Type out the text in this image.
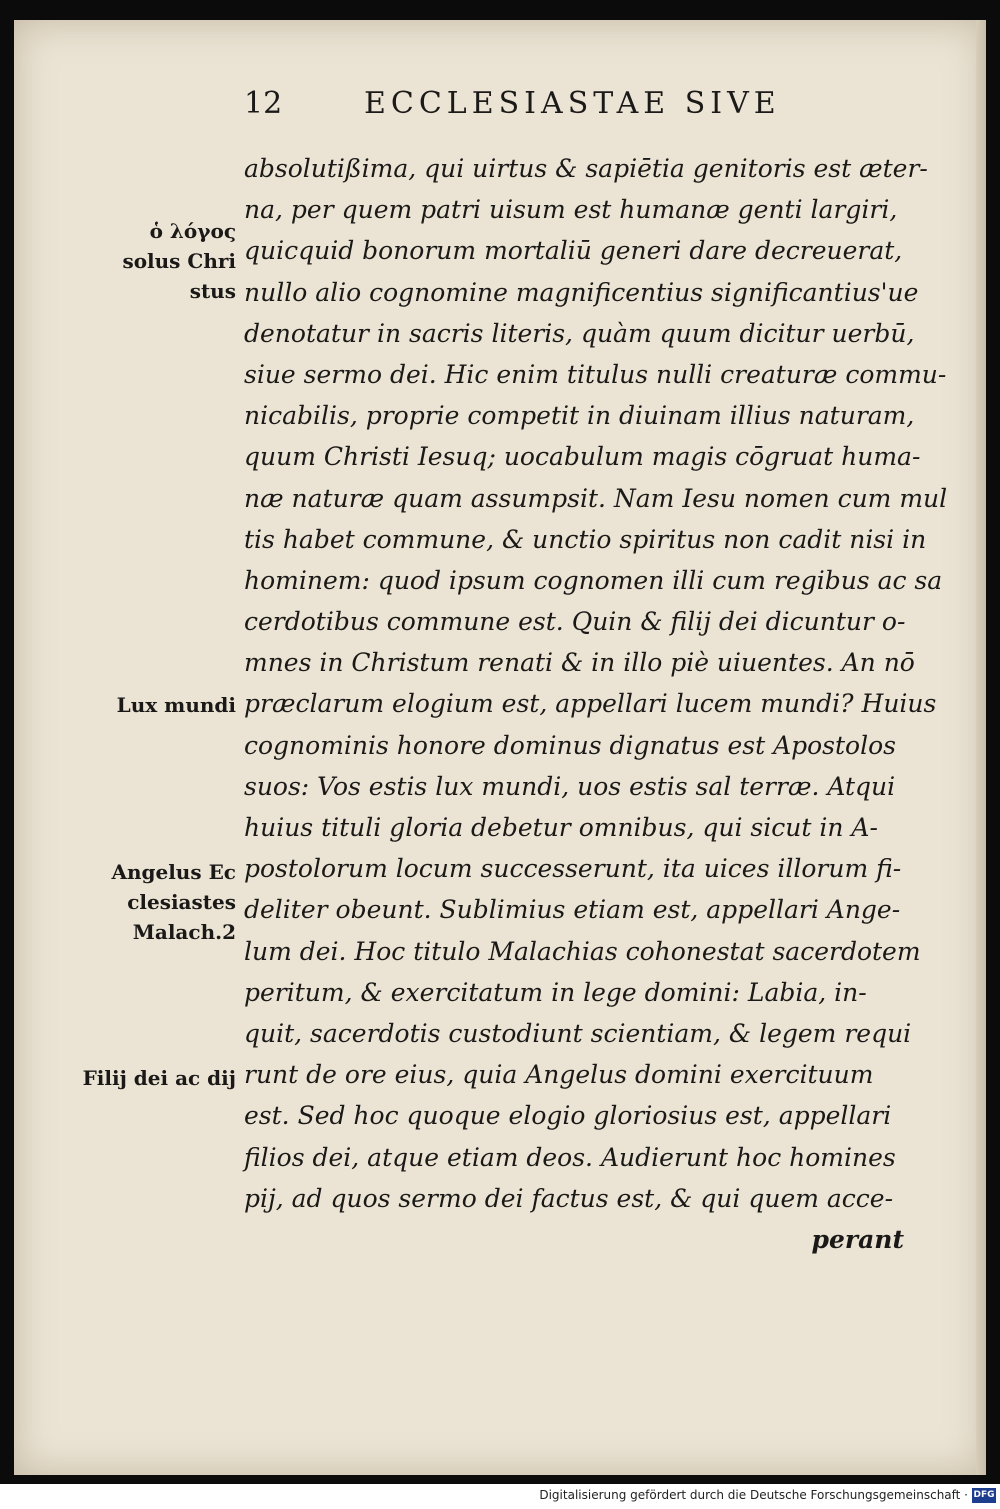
12	ECCLESIASTAE SIVE
ὁ λόγος
solus Chri
stus
Lux mundi
Angelus Ec
clesiastes
Malach.2
Filij dei ac dij
absolutißima, qui uirtus & sapiētia genitoris est æter-
na, per quem patri uisum est humanæ genti largiri,
quicquid bonorum mortaliū generi dare decreuerat,
nullo alio cognomine magnificentius significantius'ue
denotatur in sacris literis, quàm quum dicitur uerbū,
siue sermo dei. Hic enim titulus nulli creaturæ commu-
nicabilis, proprie competit in diuinam illius naturam,
quum Christi Iesuq; uocabulum magis cōgruat huma-
næ naturæ quam assumpsit. Nam Iesu nomen cum mul
tis habet commune, & unctio spiritus non cadit nisi in
hominem: quod ipsum cognomen illi cum regibus ac sa
cerdotibus commune est. Quin & filij dei dicuntur o-
mnes in Christum renati & in illo piè uiuentes. An nō
præclarum elogium est, appellari lucem mundi? Huius
cognominis honore dominus dignatus est Apostolos
suos: Vos estis lux mundi, uos estis sal terræ. Atqui
huius tituli gloria debetur omnibus, qui sicut in A-
postolorum locum successerunt, ita uices illorum fi-
deliter obeunt. Sublimius etiam est, appellari Ange-
lum dei. Hoc titulo Malachias cohonestat sacerdotem
peritum, & exercitatum in lege domini: Labia, in-
quit, sacerdotis custodiunt scientiam, & legem requi
runt de ore eius, quia Angelus domini exercituum
est. Sed hoc quoque elogio gloriosius est, appellari
filios dei, atque etiam deos. Audierunt hoc homines
pij, ad quos sermo dei factus est, & qui quem acce-
perant
Digitalisierung gefördert durch die Deutsche Forschungsgemeinschaft · DFG
